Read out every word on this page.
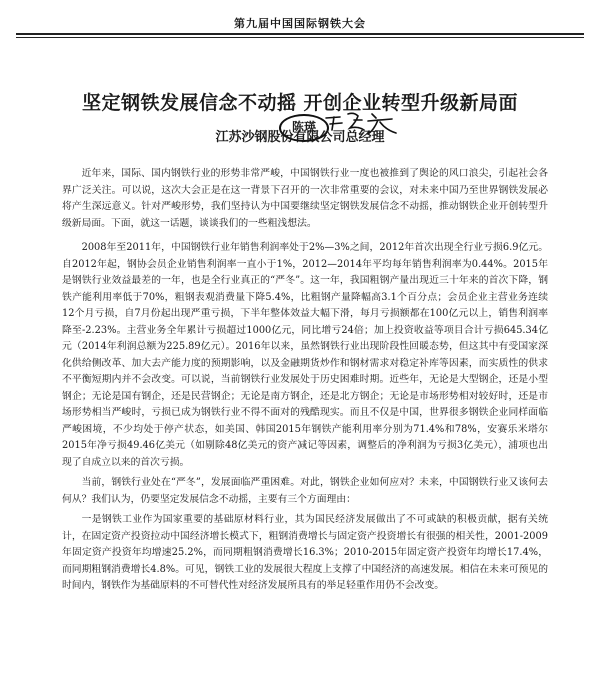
第九届中国国际钢铁大会
坚定钢铁发展信念不动摇 开创企业转型升级新局面
陈瑛
江苏沙钢股份有限公司总经理

近年来，国际、国内钢铁行业的形势非常严峻，中国钢铁行业一度也被推到了舆论的风口浪尖，引起社会各界广泛关注。可以说，这次大会正是在这一背景下召开的一次非常重要的会议，对未来中国乃至世界钢铁发展必将产生深远意义。针对严峻形势，我们坚持认为中国要继续坚定钢铁发展信念不动摇，推动钢铁企业开创转型升级新局面。下面，就这一话题，谈谈我们的一些粗浅想法。

2008年至2011年，中国钢铁行业年销售利润率处于2%—3%之间，2012年首次出现全行业亏损6.9亿元。自2012年起，钢协会员企业销售利润率一直小于1%，2012—2014年平均每年销售利润率为0.44%。2015年是钢铁行业效益最差的一年，也是全行业真正的“严冬”。这一年，我国粗钢产量出现近三十年来的首次下降，钢铁产能利用率低于70%，粗钢表观消费量下降5.4%，比粗钢产量降幅高3.1个百分点；会员企业主营业务连续12个月亏损，自7月份起出现严重亏损，下半年整体效益大幅下滑，每月亏损额都在100亿元以上，销售利润率降至-2.23%。主营业务全年累计亏损超过1000亿元，同比增亏24倍；加上投资收益等项目合计亏损645.34亿元（2014年利润总额为225.89亿元）。2016年以来，虽然钢铁行业出现阶段性回暖态势，但这其中有受国家深化供给侧改革、加大去产能力度的预期影响，以及金融期货炒作和钢材需求对稳定补库等因素，而实质性的供求不平衡短期内并不会改变。可以说，当前钢铁行业发展处于历史困难时期。近些年，无论是大型钢企，还是小型钢企；无论是国有钢企，还是民营钢企；无论是南方钢企，还是北方钢企；无论是市场形势相对较好时，还是市场形势相当严峻时，亏损已成为钢铁行业不得不面对的残酷现实。而且不仅是中国，世界很多钢铁企业同样面临严峻困境，不少均处于停产状态，如美国、韩国2015年钢铁产能利用率分别为71.4%和78%，安赛乐米塔尔2015年净亏损49.46亿美元（如剔除48亿美元的资产减记等因素，调整后的净利润为亏损3亿美元），浦项也出现了自成立以来的首次亏损。

当前，钢铁行业处在“严冬”，发展面临严重困难。对此，钢铁企业如何应对？未来，中国钢铁行业又该何去何从？我们认为，仍要坚定发展信念不动摇，主要有三个方面理由：

一是钢铁工业作为国家重要的基础原材料行业，其为国民经济发展做出了不可或缺的积极贡献，据有关统计，在固定资产投资拉动中国经济增长模式下，粗钢消费增长与固定资产投资增长有很强的相关性，2001-2009年固定资产投资年均增速25.2%，而同期粗钢消费增长16.3%；2010-2015年固定资产投资年均增长17.4%，而同期粗钢消费增长4.8%。可见，钢铁工业的发展很大程度上支撑了中国经济的高速发展。相信在未来可预见的时间内，钢铁作为基础原料的不可替代性对经济发展所具有的举足轻重作用仍不会改变。
